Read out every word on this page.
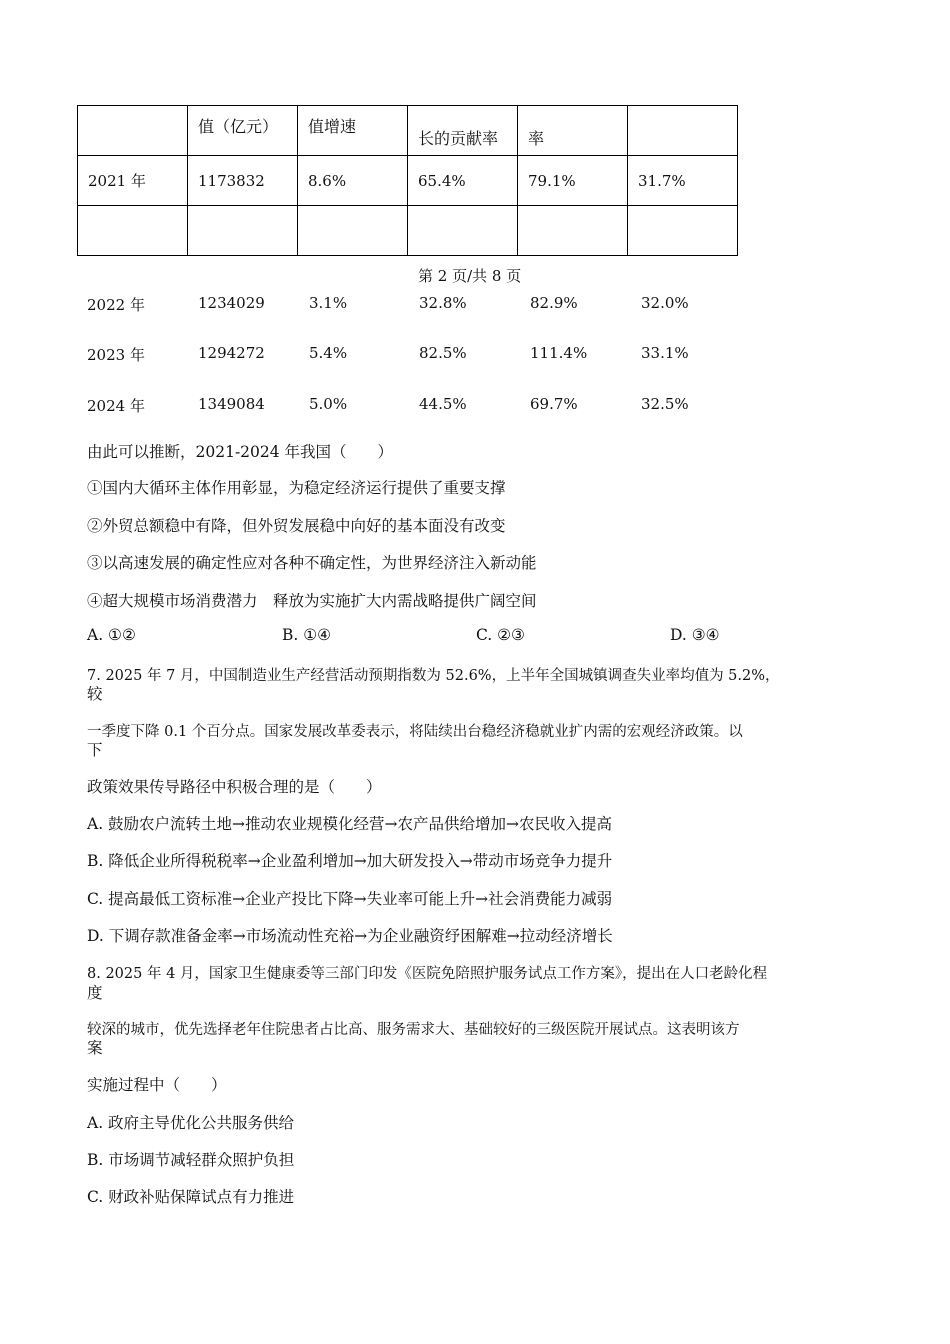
	值（亿元）	值增速	长的贡献率	率	
2021 年	1173832	8.6%	65.4%	79.1%	31.7%

第 2 页/共 8 页
2022 年	1234029	3.1%	32.8%	82.9%	32.0%
2023 年	1294272	5.4%	82.5%	111.4%	33.1%
2024 年	1349084	5.0%	44.5%	69.7%	32.5%
由此可以推断，2021-2024 年我国（　　）
①国内大循环主体作用彰显，为稳定经济运行提供了重要支撑
②外贸总额稳中有降，但外贸发展稳中向好的基本面没有改变
③以高速发展的确定性应对各种不确定性，为世界经济注入新动能
④超大规模市场消费潜力　释放为实施扩大内需战略提供广阔空间
A. ①②	B. ①④	C. ②③	D. ③④
7. 2025 年 7 月，中国制造业生产经营活动预期指数为 52.6%，上半年全国城镇调查失业率均值为 5.2%，
较
一季度下降 0.1 个百分点。国家发展改革委表示，将陆续出台稳经济稳就业扩内需的宏观经济政策。以
下
政策效果传导路径中积极合理的是（　　）
A. 鼓励农户流转土地→推动农业规模化经营→农产品供给增加→农民收入提高
B. 降低企业所得税税率→企业盈利增加→加大研发投入→带动市场竞争力提升
C. 提高最低工资标准→企业产投比下降→失业率可能上升→社会消费能力减弱
D. 下调存款准备金率→市场流动性充裕→为企业融资纾困解难→拉动经济增长
8. 2025 年 4 月，国家卫生健康委等三部门印发《医院免陪照护服务试点工作方案》，提出在人口老龄化程
度
较深的城市，优先选择老年住院患者占比高、服务需求大、基础较好的三级医院开展试点。这表明该方
案
实施过程中（　　）
A. 政府主导优化公共服务供给
B. 市场调节减轻群众照护负担
C. 财政补贴保障试点有力推进
